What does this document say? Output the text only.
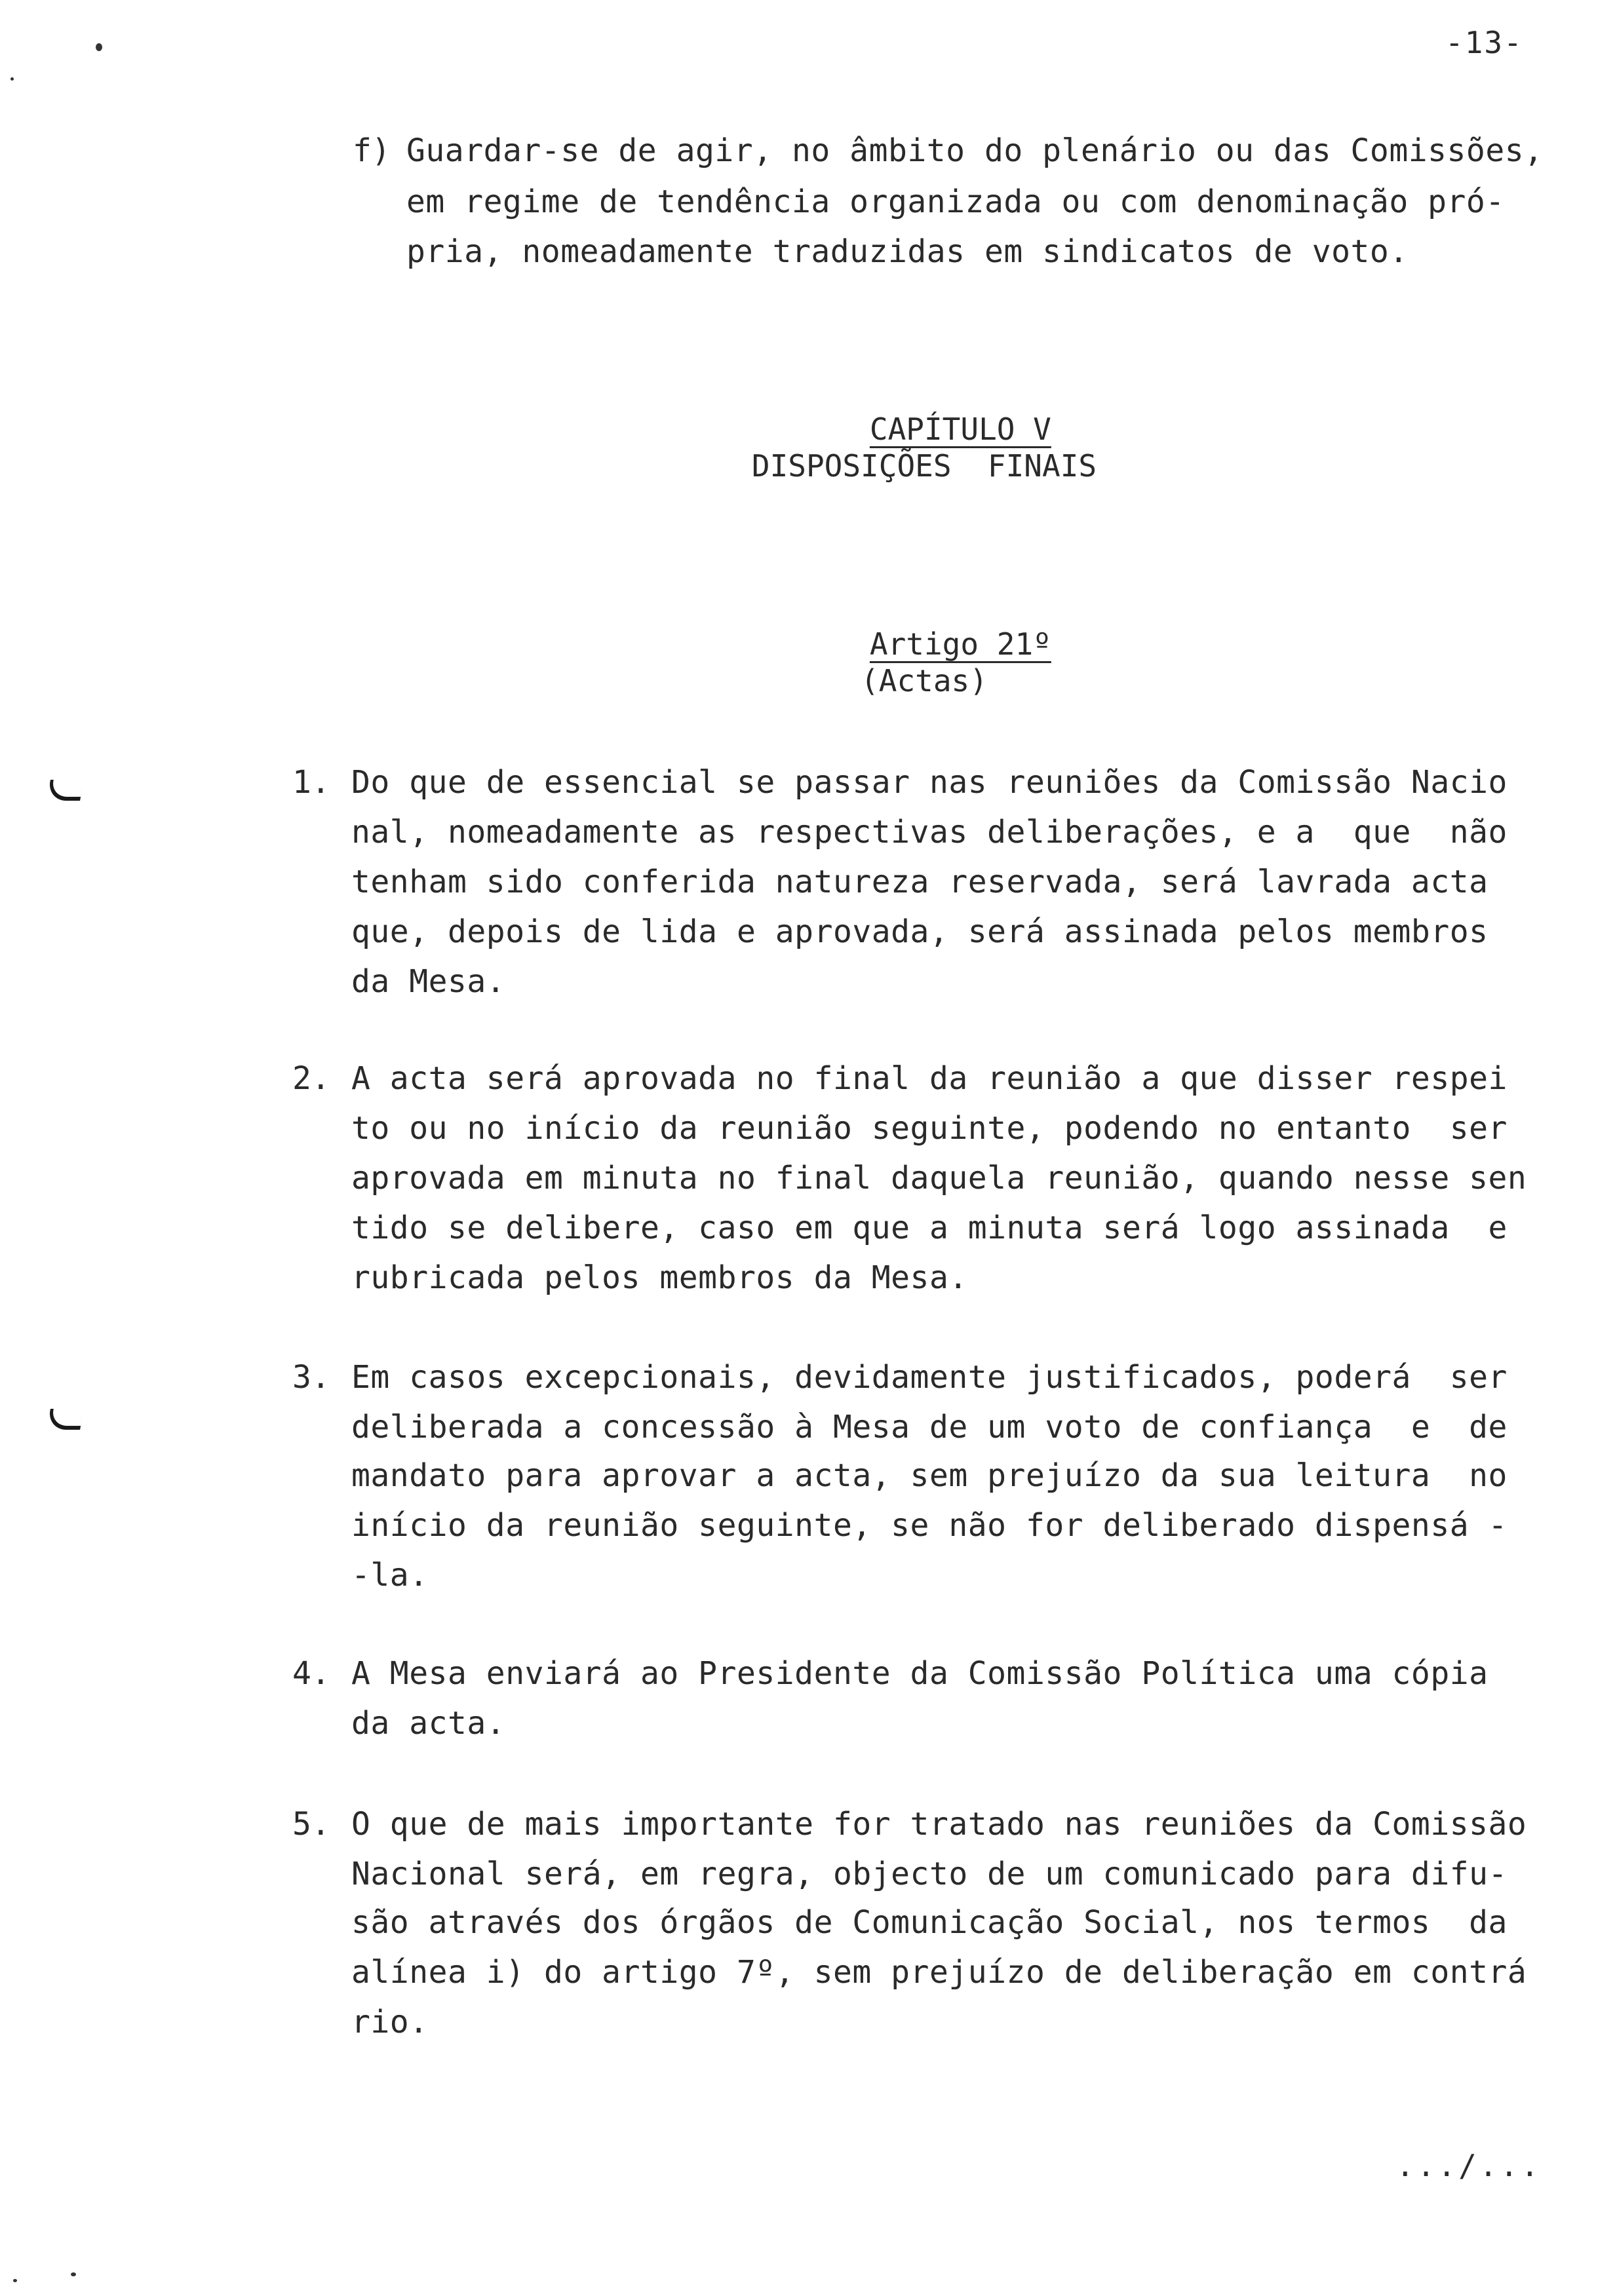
-13-
f) Guardar-se de agir, no âmbito do plenário ou das Comissões,
em regime de tendência organizada ou com denominação pró-
pria, nomeadamente traduzidas em sindicatos de voto.

CAPÍTULO V

DISPOSIÇÕES  FINAIS

Artigo 21º

(Actas)
1. Do que de essencial se passar nas reuniões da Comissão Nacio
nal, nomeadamente as respectivas deliberações, e a  que  não
tenham sido conferida natureza reservada, será lavrada acta
que, depois de lida e aprovada, será assinada pelos membros
da Mesa.
2. A acta será aprovada no final da reunião a que disser respei
to ou no início da reunião seguinte, podendo no entanto  ser
aprovada em minuta no final daquela reunião, quando nesse sen
tido se delibere, caso em que a minuta será logo assinada  e
rubricada pelos membros da Mesa.
3. Em casos excepcionais, devidamente justificados, poderá  ser
deliberada a concessão à Mesa de um voto de confiança  e  de
mandato para aprovar a acta, sem prejuízo da sua leitura  no
início da reunião seguinte, se não for deliberado dispensá -
-la.
4. A Mesa enviará ao Presidente da Comissão Política uma cópia
da acta.
5. O que de mais importante for tratado nas reuniões da Comissão
Nacional será, em regra, objecto de um comunicado para difu-
são através dos órgãos de Comunicação Social, nos termos  da
alínea i) do artigo 7º, sem prejuízo de deliberação em contrá
rio.
.../...
